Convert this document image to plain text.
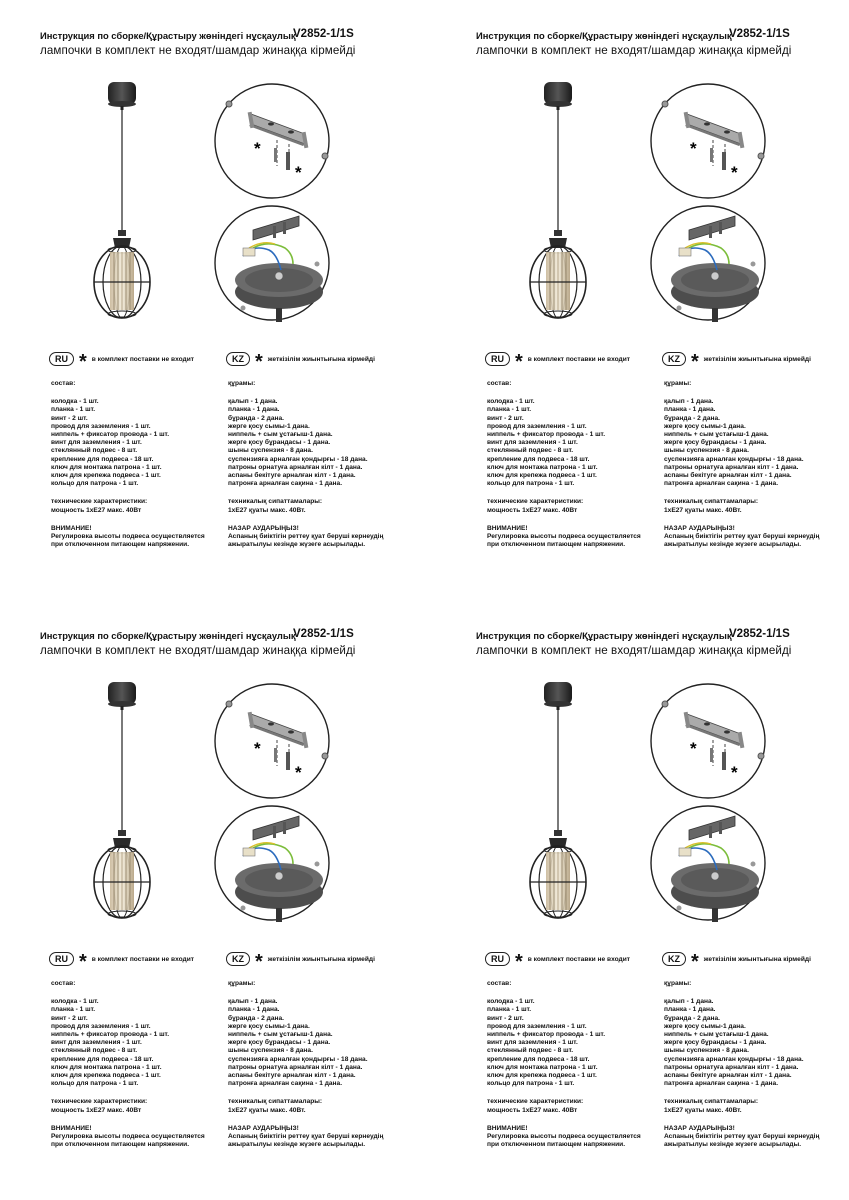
Инструкция по сборке/Құрастыру жөніндегі нұсқаулық
V2852-1/1S
лампочки в комплект не входят/шамдар жинаққа кірмейді
*
*
RU * в комплект поставки не входит	KZ * жеткізілім жиынтығына кірмейді
состав:
колодка - 1 шт.
планка - 1 шт.
винт - 2 шт.
провод для заземления - 1 шт.
ниппель + фиксатор провода - 1 шт.
винт для заземления - 1 шт.
стеклянный подвес - 8 шт.
крепление для подвеса - 18 шт.
ключ для монтажа патрона - 1 шт.
ключ для крепежа подвеса - 1 шт.
кольцо для патрона - 1 шт.
технические характеристики:
мощность 1хЕ27 макс. 40Вт
ВНИМАНИЕ!
Регулировка высоты подвеса осуществляется
при отключенном питающем напряжении.
құрамы:
қалып - 1 дана.
планка - 1 дана.
бұранда - 2 дана.
жерге қосу сымы-1 дана.
ниппель + сым ұстағыш-1 дана.
жерге қосу бұрандасы - 1 дана.
шыны суспензия - 8 дана.
суспензияға арналған қондырғы - 18 дана.
патроны орнатуға арналған кілт - 1 дана.
аспаны бекітуге арналған кілт - 1 дана.
патронға арналған сақина - 1 дана.
техникалық сипаттамалары:
1хЕ27 қуаты макс. 40Вт.
НАЗАР АУДАРЫҢЫЗ!
Аспаның биіктігін реттеу қуат беруші кернеудің
ажыратылуы кезінде жүзеге асырылады.
Инструкция по сборке/Құрастыру жөніндегі нұсқаулық
V2852-1/1S
лампочки в комплект не входят/шамдар жинаққа кірмейді
*
*
RU * в комплект поставки не входит	KZ * жеткізілім жиынтығына кірмейді
состав:
колодка - 1 шт.
планка - 1 шт.
винт - 2 шт.
провод для заземления - 1 шт.
ниппель + фиксатор провода - 1 шт.
винт для заземления - 1 шт.
стеклянный подвес - 8 шт.
крепление для подвеса - 18 шт.
ключ для монтажа патрона - 1 шт.
ключ для крепежа подвеса - 1 шт.
кольцо для патрона - 1 шт.
технические характеристики:
мощность 1хЕ27 макс. 40Вт
ВНИМАНИЕ!
Регулировка высоты подвеса осуществляется
при отключенном питающем напряжении.
құрамы:
қалып - 1 дана.
планка - 1 дана.
бұранда - 2 дана.
жерге қосу сымы-1 дана.
ниппель + сым ұстағыш-1 дана.
жерге қосу бұрандасы - 1 дана.
шыны суспензия - 8 дана.
суспензияға арналған қондырғы - 18 дана.
патроны орнатуға арналған кілт - 1 дана.
аспаны бекітуге арналған кілт - 1 дана.
патронға арналған сақина - 1 дана.
техникалық сипаттамалары:
1хЕ27 қуаты макс. 40Вт.
НАЗАР АУДАРЫҢЫЗ!
Аспаның биіктігін реттеу қуат беруші кернеудің
ажыратылуы кезінде жүзеге асырылады.
Инструкция по сборке/Құрастыру жөніндегі нұсқаулық
V2852-1/1S
лампочки в комплект не входят/шамдар жинаққа кірмейді
*
*
RU * в комплект поставки не входит	KZ * жеткізілім жиынтығына кірмейді
состав:
колодка - 1 шт.
планка - 1 шт.
винт - 2 шт.
провод для заземления - 1 шт.
ниппель + фиксатор провода - 1 шт.
винт для заземления - 1 шт.
стеклянный подвес - 8 шт.
крепление для подвеса - 18 шт.
ключ для монтажа патрона - 1 шт.
ключ для крепежа подвеса - 1 шт.
кольцо для патрона - 1 шт.
технические характеристики:
мощность 1хЕ27 макс. 40Вт
ВНИМАНИЕ!
Регулировка высоты подвеса осуществляется
при отключенном питающем напряжении.
құрамы:
қалып - 1 дана.
планка - 1 дана.
бұранда - 2 дана.
жерге қосу сымы-1 дана.
ниппель + сым ұстағыш-1 дана.
жерге қосу бұрандасы - 1 дана.
шыны суспензия - 8 дана.
суспензияға арналған қондырғы - 18 дана.
патроны орнатуға арналған кілт - 1 дана.
аспаны бекітуге арналған кілт - 1 дана.
патронға арналған сақина - 1 дана.
техникалық сипаттамалары:
1хЕ27 қуаты макс. 40Вт.
НАЗАР АУДАРЫҢЫЗ!
Аспаның биіктігін реттеу қуат беруші кернеудің
ажыратылуы кезінде жүзеге асырылады.
Инструкция по сборке/Құрастыру жөніндегі нұсқаулық
V2852-1/1S
лампочки в комплект не входят/шамдар жинаққа кірмейді
*
*
RU * в комплект поставки не входит	KZ * жеткізілім жиынтығына кірмейді
состав:
колодка - 1 шт.
планка - 1 шт.
винт - 2 шт.
провод для заземления - 1 шт.
ниппель + фиксатор провода - 1 шт.
винт для заземления - 1 шт.
стеклянный подвес - 8 шт.
крепление для подвеса - 18 шт.
ключ для монтажа патрона - 1 шт.
ключ для крепежа подвеса - 1 шт.
кольцо для патрона - 1 шт.
технические характеристики:
мощность 1хЕ27 макс. 40Вт
ВНИМАНИЕ!
Регулировка высоты подвеса осуществляется
при отключенном питающем напряжении.
құрамы:
қалып - 1 дана.
планка - 1 дана.
бұранда - 2 дана.
жерге қосу сымы-1 дана.
ниппель + сым ұстағыш-1 дана.
жерге қосу бұрандасы - 1 дана.
шыны суспензия - 8 дана.
суспензияға арналған қондырғы - 18 дана.
патроны орнатуға арналған кілт - 1 дана.
аспаны бекітуге арналған кілт - 1 дана.
патронға арналған сақина - 1 дана.
техникалық сипаттамалары:
1хЕ27 қуаты макс. 40Вт.
НАЗАР АУДАРЫҢЫЗ!
Аспаның биіктігін реттеу қуат беруші кернеудің
ажыратылуы кезінде жүзеге асырылады.
